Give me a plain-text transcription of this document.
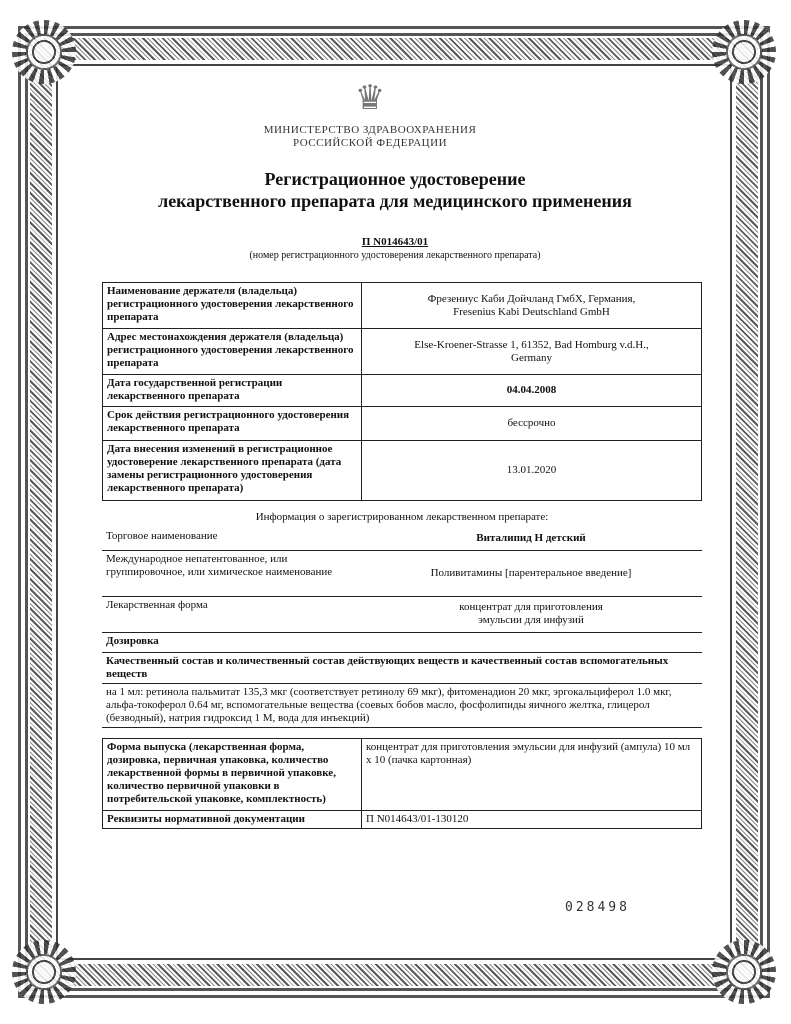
♛
МИНИСТЕРСТВО ЗДРАВООХРАНЕНИЯ
РОССИЙСКОЙ ФЕДЕРАЦИИ
Регистрационное удостоверение
лекарственного препарата для медицинского применения
П N014643/01
(номер регистрационного удостоверения лекарственного препарата)
Наименование держателя (владельца) регистрационного удостоверения лекарственного препарата	Фрезениус Каби Дойчланд ГмбХ, Германия,
Fresenius Kabi Deutschland GmbH

Адрес местонахождения держателя (владельца) регистрационного удостоверения лекарственного препарата	Else-Kroener-Strasse 1, 61352, Bad Homburg v.d.H.,
Germany

Дата государственной регистрации лекарственного препарата	04.04.2008
Срок действия регистрационного удостоверения лекарственного препарата	бессрочно
Дата внесения изменений в регистрационное удостоверение лекарственного препарата (дата замены регистрационного удостоверения лекарственного препарата)	13.01.2020
Информация о зарегистрированном лекарственном препарате:
Торговое наименование	Виталипид Н детский
Международное непатентованное, или группировочное, или химическое наименование	Поливитамины [парентеральное введение]
Лекарственная форма	концентрат для приготовления
эмульсии для инфузий

Дозировка	
Качественный состав и количественный состав действующих веществ и качественный состав вспомогательных веществ	
на 1 мл: ретинола пальмитат 135,3 мкг (соответствует ретинолу 69 мкг), фитоменадион 20 мкг, эргокальциферол 1.0 мкг, альфа-токоферол 0.64 мг, вспомогательные вещества (соевых бобов масло, фосфолипиды яичного желтка, глицерол (безводный), натрия гидроксид 1 М, вода для инъекций)	
Форма выпуска (лекарственная форма, дозировка, первичная упаковка, количество лекарственной формы в первичной упаковке, количество первичной упаковки в потребительской упаковке, комплектность)	концентрат для приготовления эмульсии для инфузий (ампула) 10 мл х 10 (пачка картонная)
Реквизиты нормативной документации	П N014643/01-130120
028498
